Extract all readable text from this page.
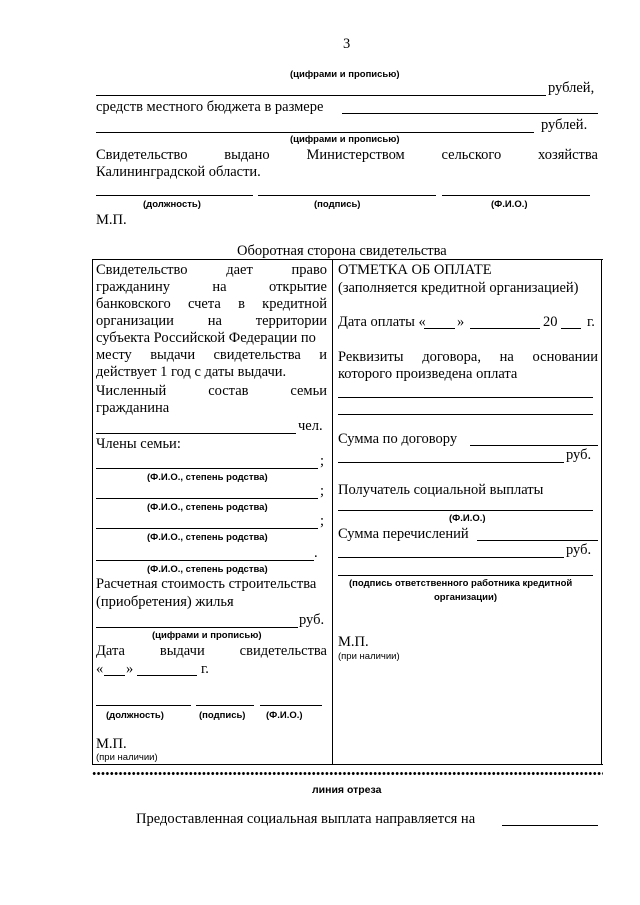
3
(цифрами и прописью)
рублей,
средств местного бюджета в размере
рублей.
(цифрами и прописью)
Свидетельство	выдано	Министерством	сельского	хозяйства
Калининградской области.
(должность)	(подпись)	(Ф.И.О.)
М.П.
Оборотная сторона свидетельства
Свидетельство	дает	право
гражданину	на	открытие
банковского счета в кредитной
организации на территории
субъекта Российской Федерации по
месту выдачи свидетельства и
действует 1 год с даты выдачи.
Численный	состав	семьи
гражданина
чел.
Члены семьи:
;
(Ф.И.О., степень родства)
;
(Ф.И.О., степень родства)
;
(Ф.И.О., степень родства)
.
(Ф.И.О., степень родства)
Расчетная стоимость строительства
(приобретения) жилья
руб.
(цифрами и прописью)
Дата выдачи свидетельства
« »	г.
(должность)	(подпись) (Ф.И.О.)
М.П.
(при наличии)
ОТМЕТКА ОБ ОПЛАТЕ
(заполняется кредитной организацией)
Дата оплаты « »	20 г.
Реквизиты договора, на основании
которого произведена оплата
Сумма по договору
руб.
Получатель социальной выплаты
(Ф.И.О.)
Сумма перечислений
руб.
(подпись ответственного работника кредитной
организации)
М.П.
(при наличии)
линия отреза
Предоставленная социальная выплата направляется на
